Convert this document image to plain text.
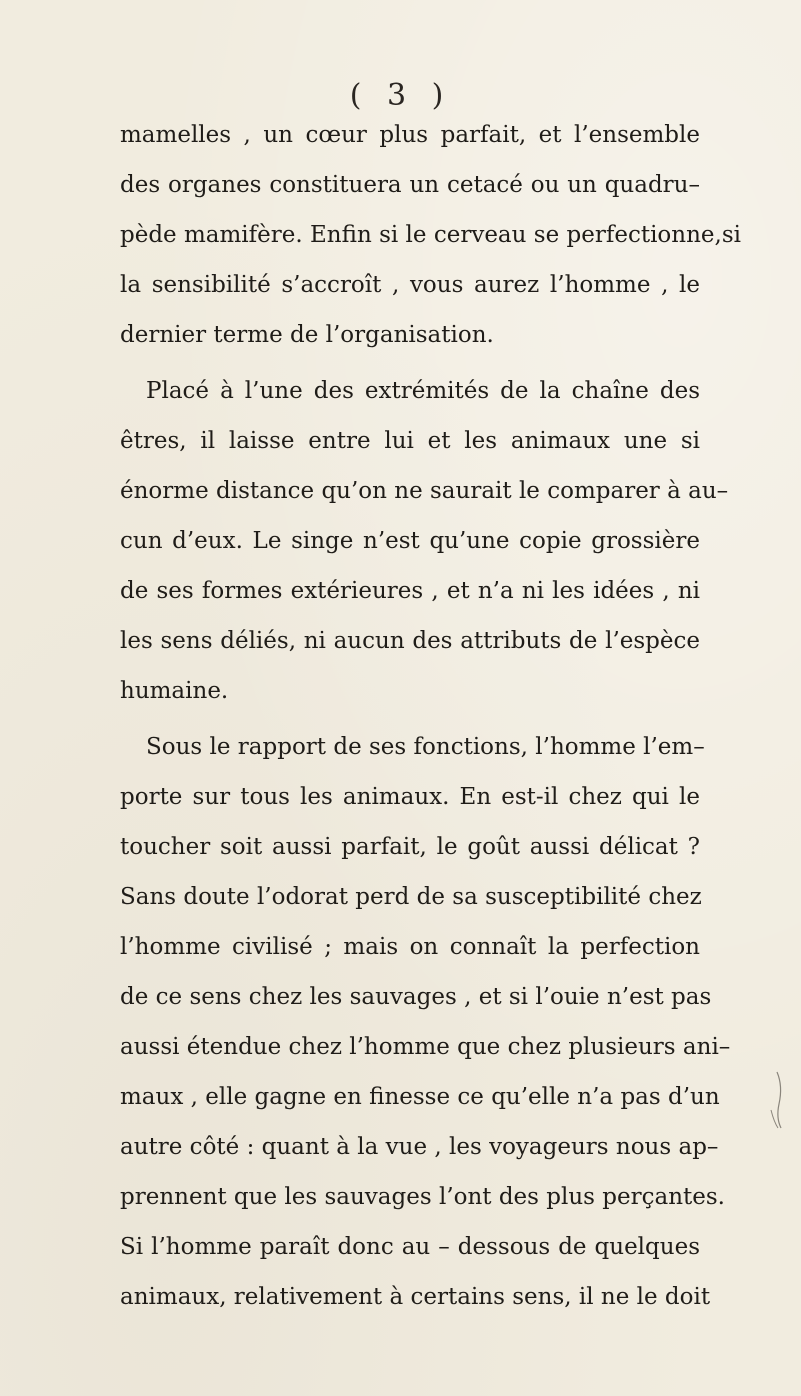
( 3 )
mamelles , un cœur plus parfait, et l’ensemble
des organes constituera un cetacé ou un quadru–
pède mamifère. Enfin si le cerveau se perfectionne,si
la sensibilité s’accroît , vous aurez l’homme , le
dernier terme de l’organisation.
Placé à l’une des extrémités de la chaîne des
êtres, il laisse entre lui et les animaux une si
énorme distance qu’on ne saurait le comparer à au–
cun d’eux. Le singe n’est qu’une copie grossière
de ses formes extérieures , et n’a ni les idées , ni
les sens déliés, ni aucun des attributs de l’espèce
humaine.
Sous le rapport de ses fonctions, l’homme l’em–
porte sur tous les animaux. En est-il chez qui le
toucher soit aussi parfait, le goût aussi délicat ?
Sans doute l’odorat perd de sa susceptibilité chez
l’homme civilisé ; mais on connaît la perfection
de ce sens chez les sauvages , et si l’ouie n’est pas
aussi étendue chez l’homme que chez plusieurs ani–
maux , elle gagne en finesse ce qu’elle n’a pas d’un
autre côté : quant à la vue , les voyageurs nous ap–
prennent que les sauvages l’ont des plus perçantes.
Si l’homme paraît donc au – dessous de quelques
animaux, relativement à certains sens, il ne le doit
